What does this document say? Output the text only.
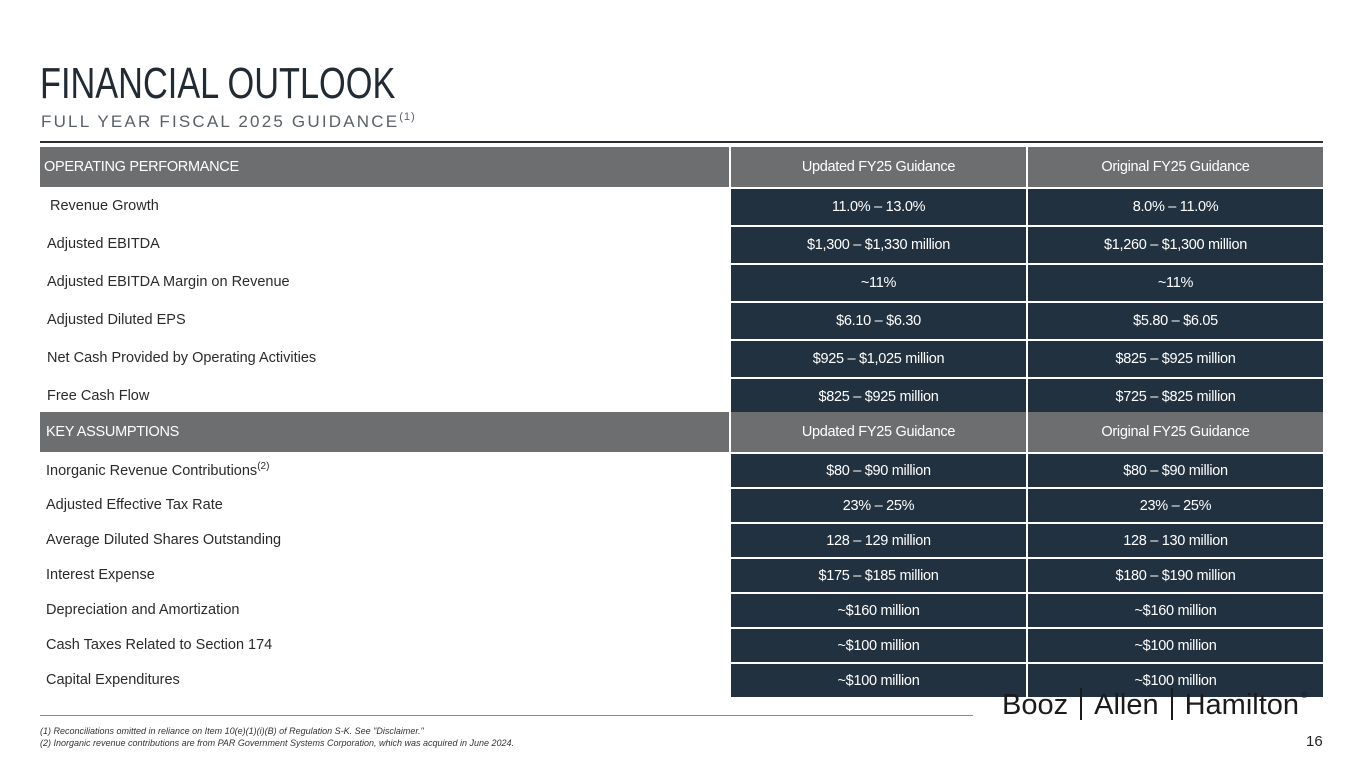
FINANCIAL OUTLOOK
FULL YEAR FISCAL 2025 GUIDANCE$^{(1)}$
OPERATING PERFORMANCE	Updated FY25 Guidance	Original FY25 Guidance
Revenue Growth	11.0% – 13.0%	8.0% – 11.0%
Adjusted EBITDA	$1,300 – $1,330 million	$1,260 – $1,300 million
Adjusted EBITDA Margin on Revenue	~11%	~11%
Adjusted Diluted EPS	$6.10 – $6.30	$5.80 – $6.05
Net Cash Provided by Operating Activities	$925 – $1,025 million	$825 – $925 million
Free Cash Flow	$825 – $925 million	$725 – $825 million
KEY ASSUMPTIONS	Updated FY25 Guidance	Original FY25 Guidance
Inorganic Revenue Contributions$^{(2)}$	$80 – $90 million	$80 – $90 million
Adjusted Effective Tax Rate	23% – 25%	23% – 25%
Average Diluted Shares Outstanding	128 – 129 million	128 – 130 million
Interest Expense	$175 – $185 million	$180 – $190 million
Depreciation and Amortization	~$160 million	~$160 million
Cash Taxes Related to Section 174	~$100 million	~$100 million
Capital Expenditures	~$100 million	~$100 million
(1) Reconciliations omitted in reliance on Item 10(e)(1)(i)(B) of Regulation S-K. See "Disclaimer."
(2) Inorganic revenue contributions are from PAR Government Systems Corporation, which was acquired in June 2024.
Booz Allen Hamilton ®
16
